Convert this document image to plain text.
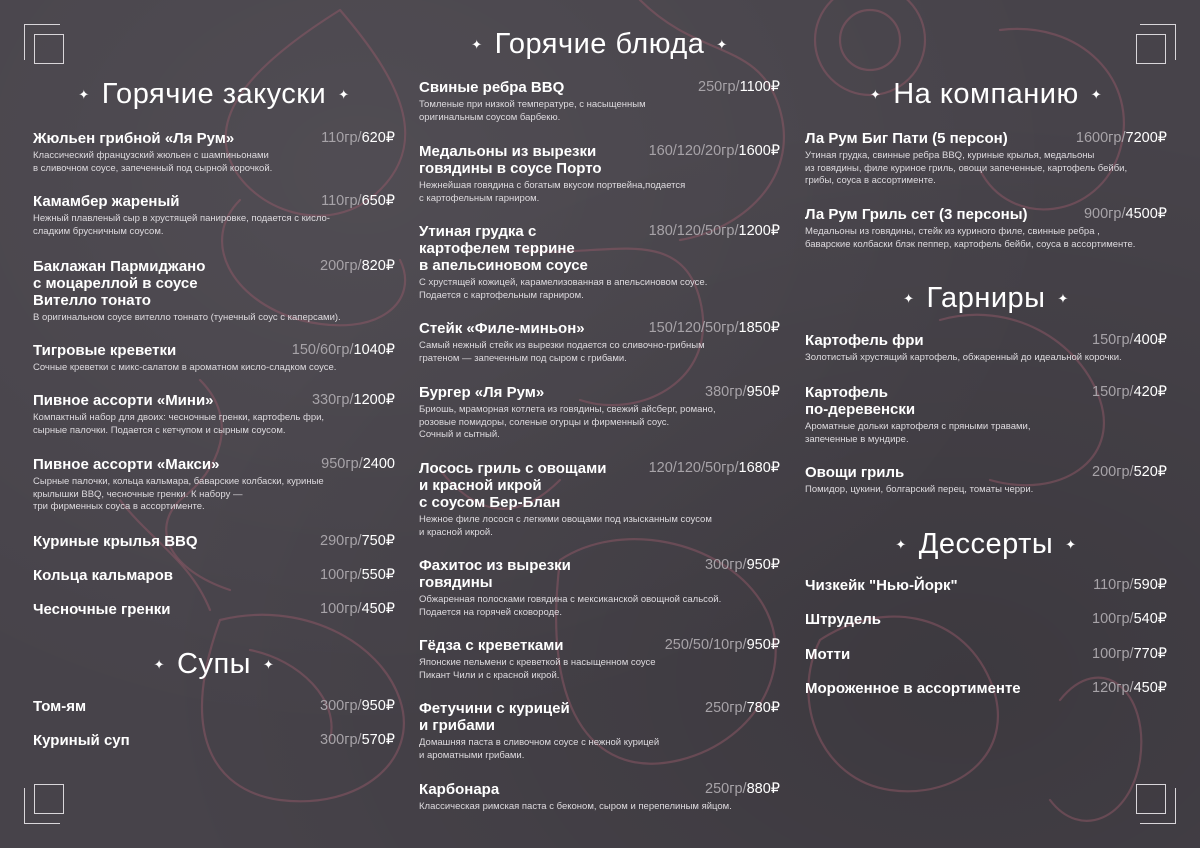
✦ Горячие блюда ✦
✦ Горячие закуски ✦
Жюльен грибной «Ля Рум»	110гр/620₽
Классический французский жюльен с шампиньонами
в сливочном соусе, запеченный под сырной корочкой.
Камамбер жареный	110гр/650₽
Нежный плавленый сыр в хрустящей панировке, подается с кисло-
сладким брусничным соусом.
Баклажан Пармиджано
с моцареллой в соусе
Вителло тонато
200гр/820₽
В оригинальном соусе вителло тоннато (тунечный соус с каперсами).
Тигровые креветки	150/60гр/1040₽
Сочные креветки с микс-салатом в ароматном кисло-сладком соусе.
Пивное ассорти «Мини»	330гр/1200₽
Компактный набор для двоих: чесночные гренки, картофель фри,
сырные палочки. Подается с кетчупом и сырным соусом.
Пивное ассорти «Макси»	950гр/2400
Сырные палочки, кольца кальмара, баварские колбаски, куриные
крылышки BBQ, чесночные гренки. К набору —
три фирменных соуса в ассортименте.
Куриные крылья BBQ	290гр/750₽
Кольца кальмаров	100гр/550₽
Чесночные гренки	100гр/450₽
✦ Супы ✦
Том-ям	300гр/950₽
Куриный суп	300гр/570₽
Свиные ребра BBQ	250гр/1100₽
Томленые при низкой температуре, с насыщенным
оригинальным соусом барбекю.
Медальоны из вырезки
говядины в соусе Порто
160/120/20гр/1600₽
Нежнейшая говядина с богатым вкусом портвейна,подается
с картофельным гарниром.
Утиная грудка с
картофелем террине
в апельсиновом соусе
180/120/50гр/1200₽
С хрустящей кожицей, карамелизованная в апельсиновом соусе.
Подается с картофельным гарниром.
Стейк «Филе-миньон»	150/120/50гр/1850₽
Самый нежный стейк из вырезки подается со сливочно-грибным
гратеном — запеченным под сыром с грибами.
Бургер «Ля Рум»	380гр/950₽
Бриошь, мраморная котлета из говядины, свежий айсберг, романо,
розовые помидоры, соленые огурцы и фирменный соус.
Сочный и сытный.
Лосось гриль с овощами
и красной икрой
с соусом Бер-Блан
120/120/50гр/1680₽
Нежное филе лосося с легкими овощами под изысканным соусом
и красной икрой.
Фахитос из вырезки
говядины
300гр/950₽
Обжаренная полосками говядина с мексиканской овощной сальсой.
Подается на горячей сковороде.
Гёдза с креветками	250/50/10гр/950₽
Японские пельмени с креветкой в насыщенном соусе
Пикант Чили и с красной икрой.
Фетучини с курицей
и грибами
250гр/780₽
Домашняя паста в сливочном соусе с нежной курицей
и ароматными грибами.
Карбонара	250гр/880₽
Классическая римская паста с беконом, сыром и перепелиным яйцом.
✦ На компанию ✦
Ла Рум Биг Пати (5 персон)	1600гр/7200₽
Утиная грудка, свинные ребра BBQ, куриные крылья, медальоны
из говядины, филе куриное гриль, овощи запеченные, картофель бейби,
грибы, соуса в ассортименте.
Ла Рум Гриль сет (3 персоны)	900гр/4500₽
Медальоны из говядины, стейк из куриного филе, свинные ребра ,
баварские колбаски блэк пеппер, картофель бейби, соуса в ассортименте.
✦ Гарниры ✦
Картофель фри	150гр/400₽
Золотистый хрустящий картофель, обжаренный до идеальной корочки.
Картофель
по-деревенски
150гр/420₽
Ароматные дольки картофеля с пряными травами,
запеченные в мундире.
Овощи гриль	200гр/520₽
Помидор, цукини, болгарский перец, томаты черри.
✦ Дессерты ✦
Чизкейк "Нью-Йорк"	110гр/590₽
Штрудель	100гр/540₽
Мотти	100гр/770₽
Мороженное в ассортименте	120гр/450₽
